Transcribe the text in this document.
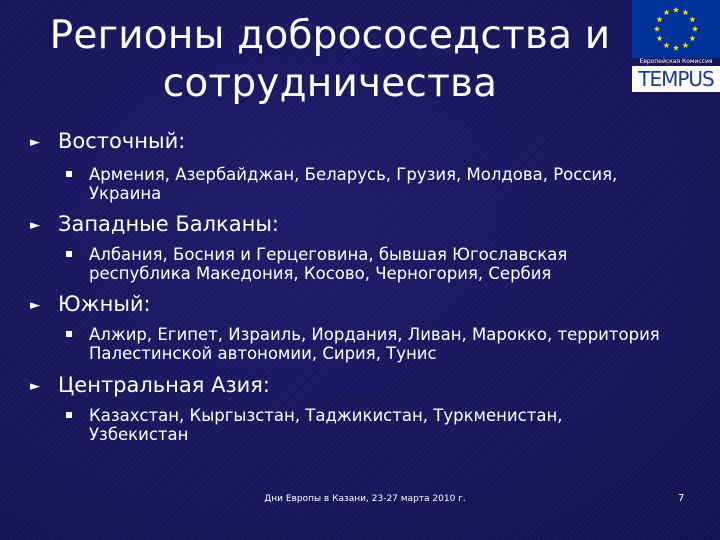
Регионы добрососедства и
сотрудничества	Европейская Комиссия
TEMPUS
► Восточный:
Армения, Азербайджан, Беларусь, Грузия, Молдова, Россия, Украина
► Западные Балканы:
Албания, Босния и Герцеговина, бывшая Югославская республика Македония, Косово, Черногория, Сербия
► Южный:
Алжир, Египет, Израиль, Иордания, Ливан, Марокко, территория Палестинской автономии, Сирия, Тунис
► Центральная Азия:
Казахстан, Кыргызстан, Таджикистан, Туркменистан, Узбекистан
Дни Европы в Казани, 23-27 марта 2010 г.	7
